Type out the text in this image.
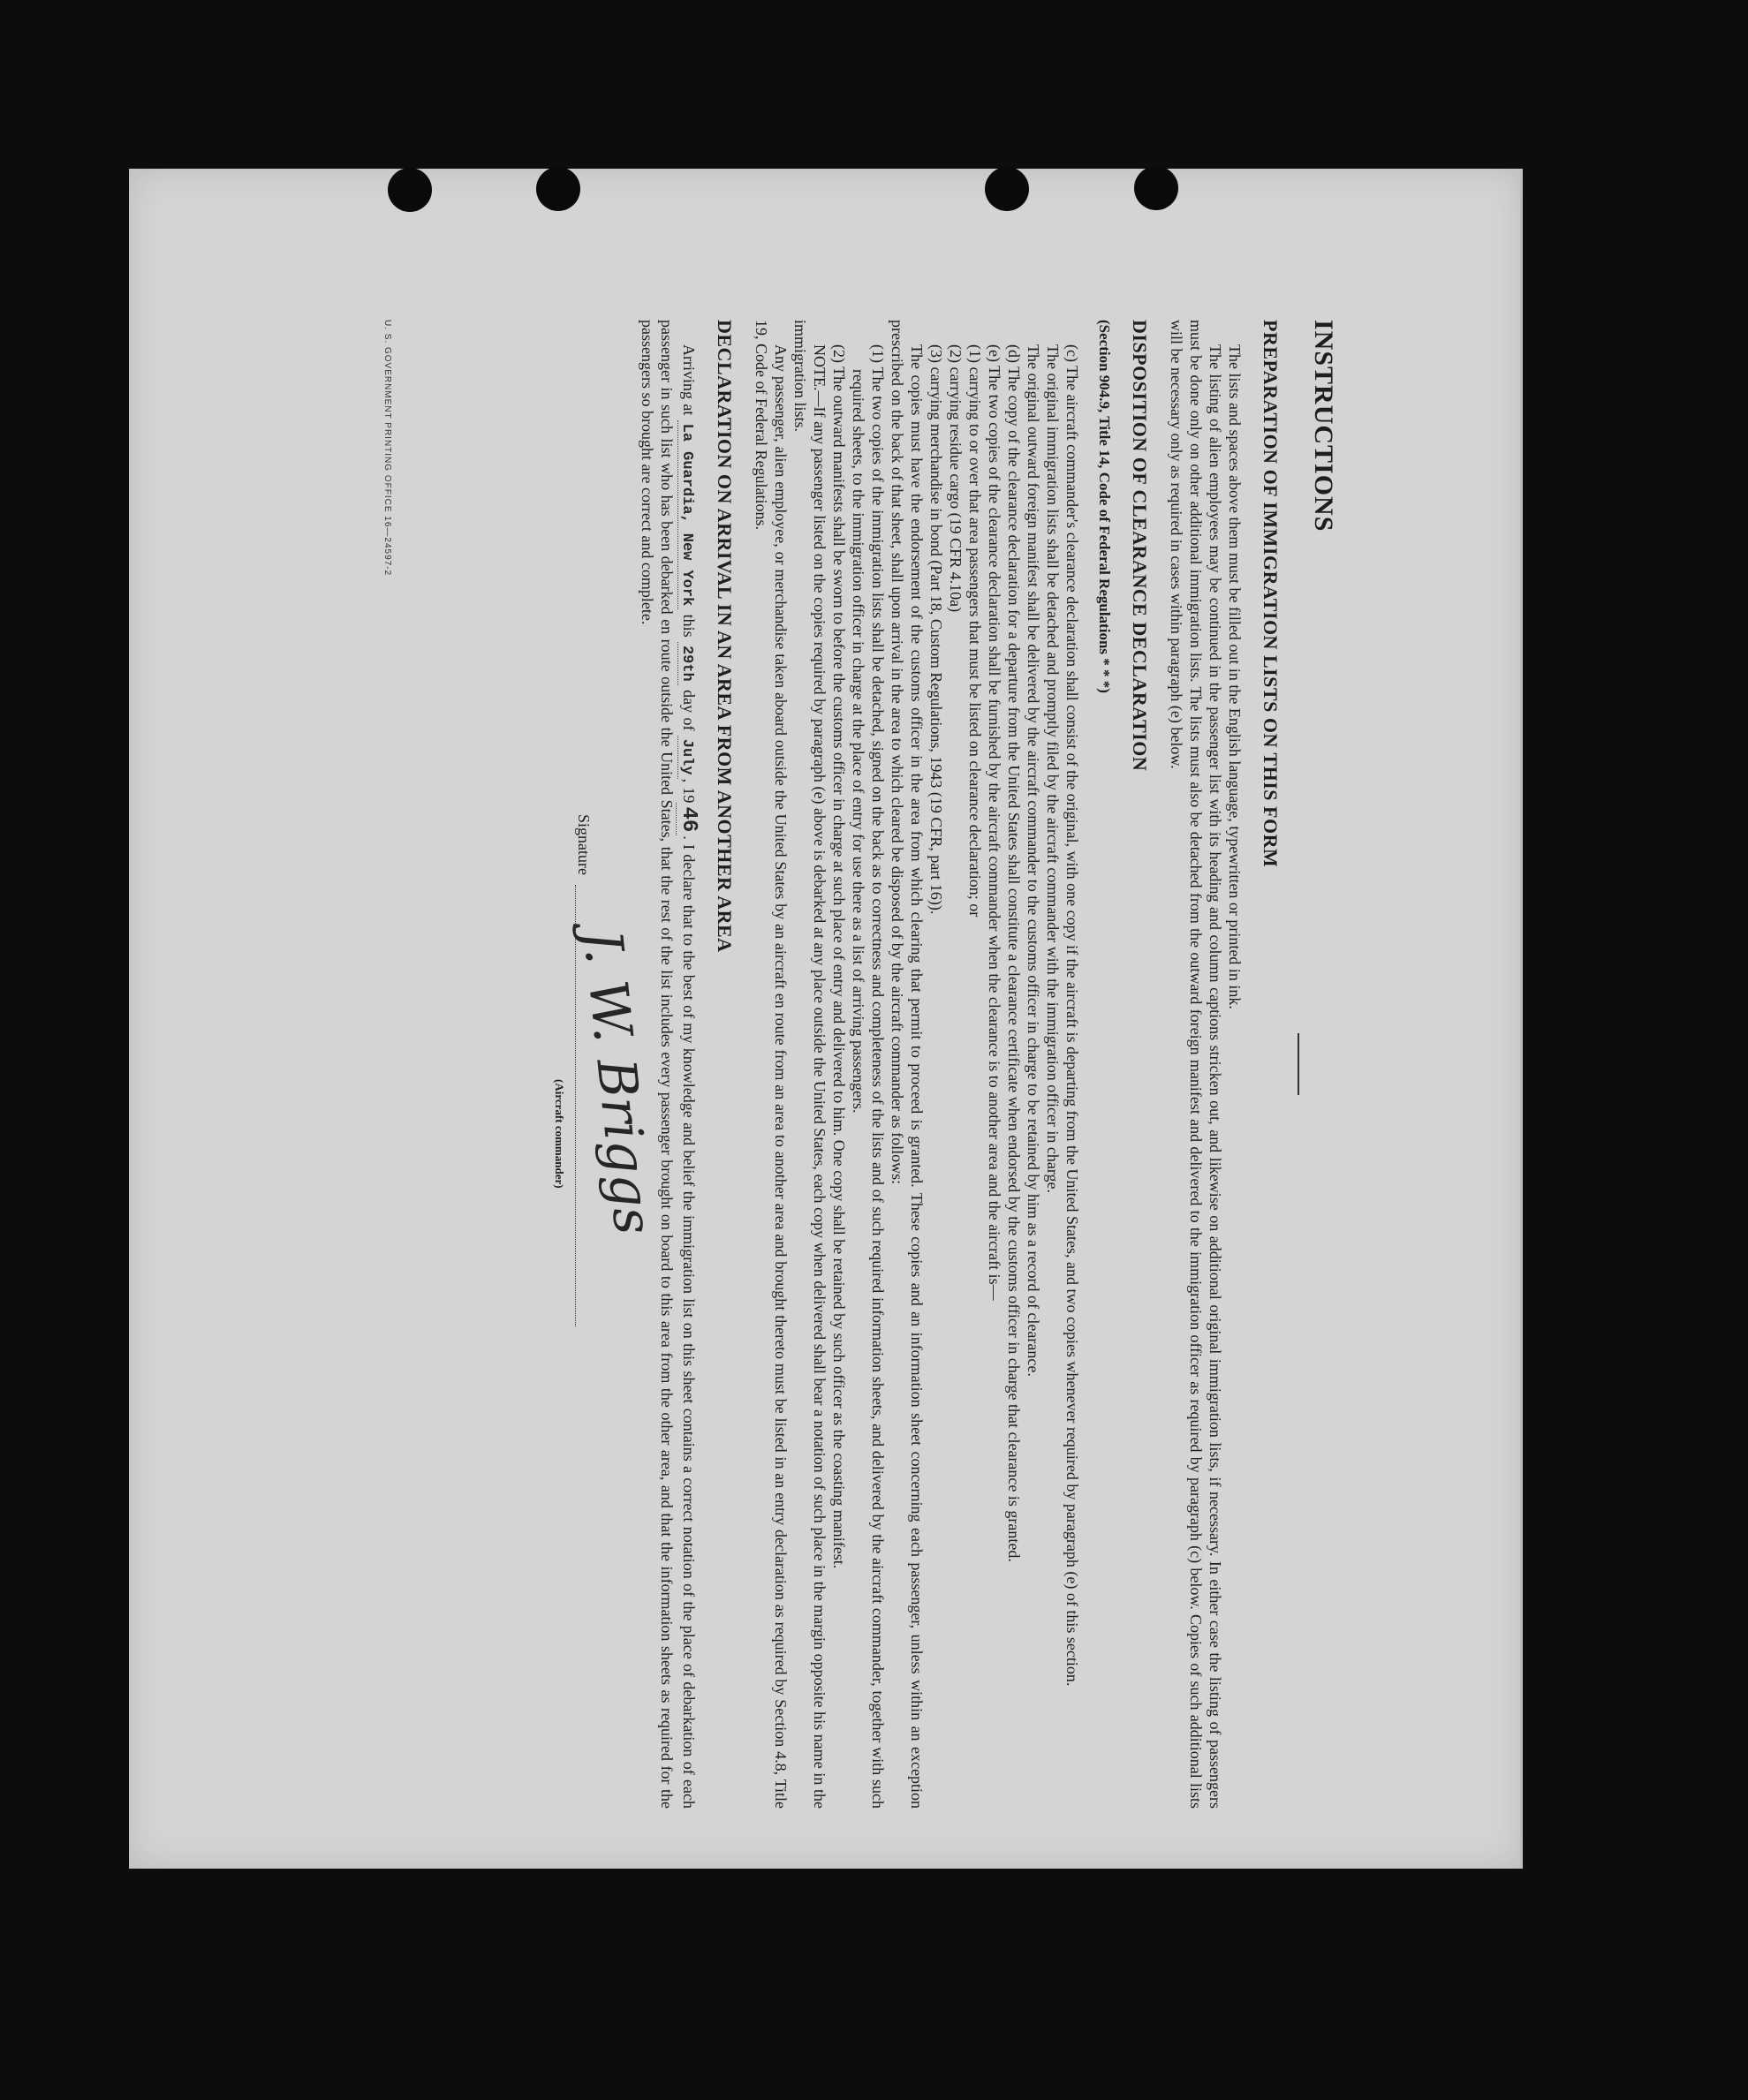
INSTRUCTIONS

PREPARATION OF IMMIGRATION LISTS ON THIS FORM

The lists and spaces above them must be filled out in the English language, typewritten or printed in ink.

The listing of alien employees may be continued in the passenger list with its heading and column captions stricken out, and likewise on additional original immigration lists, if necessary. In either case the listing of passengers must be done only on other additional immigration lists. The lists must also be detached from the outward foreign manifest and delivered to the immigration officer as required by paragraph (c) below. Copies of such additional lists will be necessary only as required in cases within paragraph (e) below.

DISPOSITION OF CLEARANCE DECLARATION

(Section 904.9, Title 14, Code of Federal Regulations * * *)

(c) The aircraft commander's clearance declaration shall consist of the original, with one copy if the aircraft is departing from the United States, and two copies whenever required by paragraph (e) of this section.

The original immigration lists shall be detached and promptly filed by the aircraft commander with the immigration officer in charge.

The original outward foreign manifest shall be delivered by the aircraft commander to the customs officer in charge to be retained by him as a record of clearance.

(d) The copy of the clearance declaration for a departure from the United States shall constitute a clearance certificate when endorsed by the customs officer in charge that clearance is granted.

(e) The two copies of the clearance declaration shall be furnished by the aircraft commander when the clearance is to another area and the aircraft is—

(1) carrying to or over that area passengers that must be listed on clearance declaration; or

(2) carrying residue cargo (19 CFR 4.10a)

(3) carrying merchandise in bond (Part 18, Custom Regulations, 1943 (19 CFR, part 16)).

The copies must have the endorsement of the customs officer in the area from which clearing that permit to proceed is granted. These copies and an information sheet concerning each passenger, unless within an exception prescribed on the back of that sheet, shall upon arrival in the area to which cleared be disposed of by the aircraft commander as follows:

(1) The two copies of the immigration lists shall be detached, signed on the back as to correctness and completeness of the lists and of such required information sheets, and delivered by the aircraft commander, together with such required sheets, to the immigration officer in charge at the place of entry for use there as a list of arriving passengers.

(2) The outward manifests shall be sworn to before the customs officer in charge at such place of entry and delivered to him. One copy shall be retained by such officer as the coasting manifest.

NOTE.—If any passenger listed on the copies required by paragraph (e) above is debarked at any place outside the United States, each copy when delivered shall bear a notation of such place in the margin opposite his name in the immigration lists.

Any passenger, alien employee, or merchandise taken aboard outside the United States by an aircraft en route from an area to another area and brought thereto must be listed in an entry declaration as required by Section 4.8, Title 19, Code of Federal Regulations.

DECLARATION ON ARRIVAL IN AN AREA FROM ANOTHER AREA

Arriving at La Guardia, New York this 29th day of July, 1946. I declare that to the best of my knowledge and belief the immigration list on this sheet contains a correct notation of the place of debarkation of each passenger in such list who has been debarked en route outside the United States, that the rest of the list includes every passenger brought on board to this area from the other area, and that the information sheets as required for the passengers so brought are correct and complete.

Signature
J. W. Briggs
(Aircraft commander)
U. S. GOVERNMENT PRINTING OFFICE 16—24597-2
